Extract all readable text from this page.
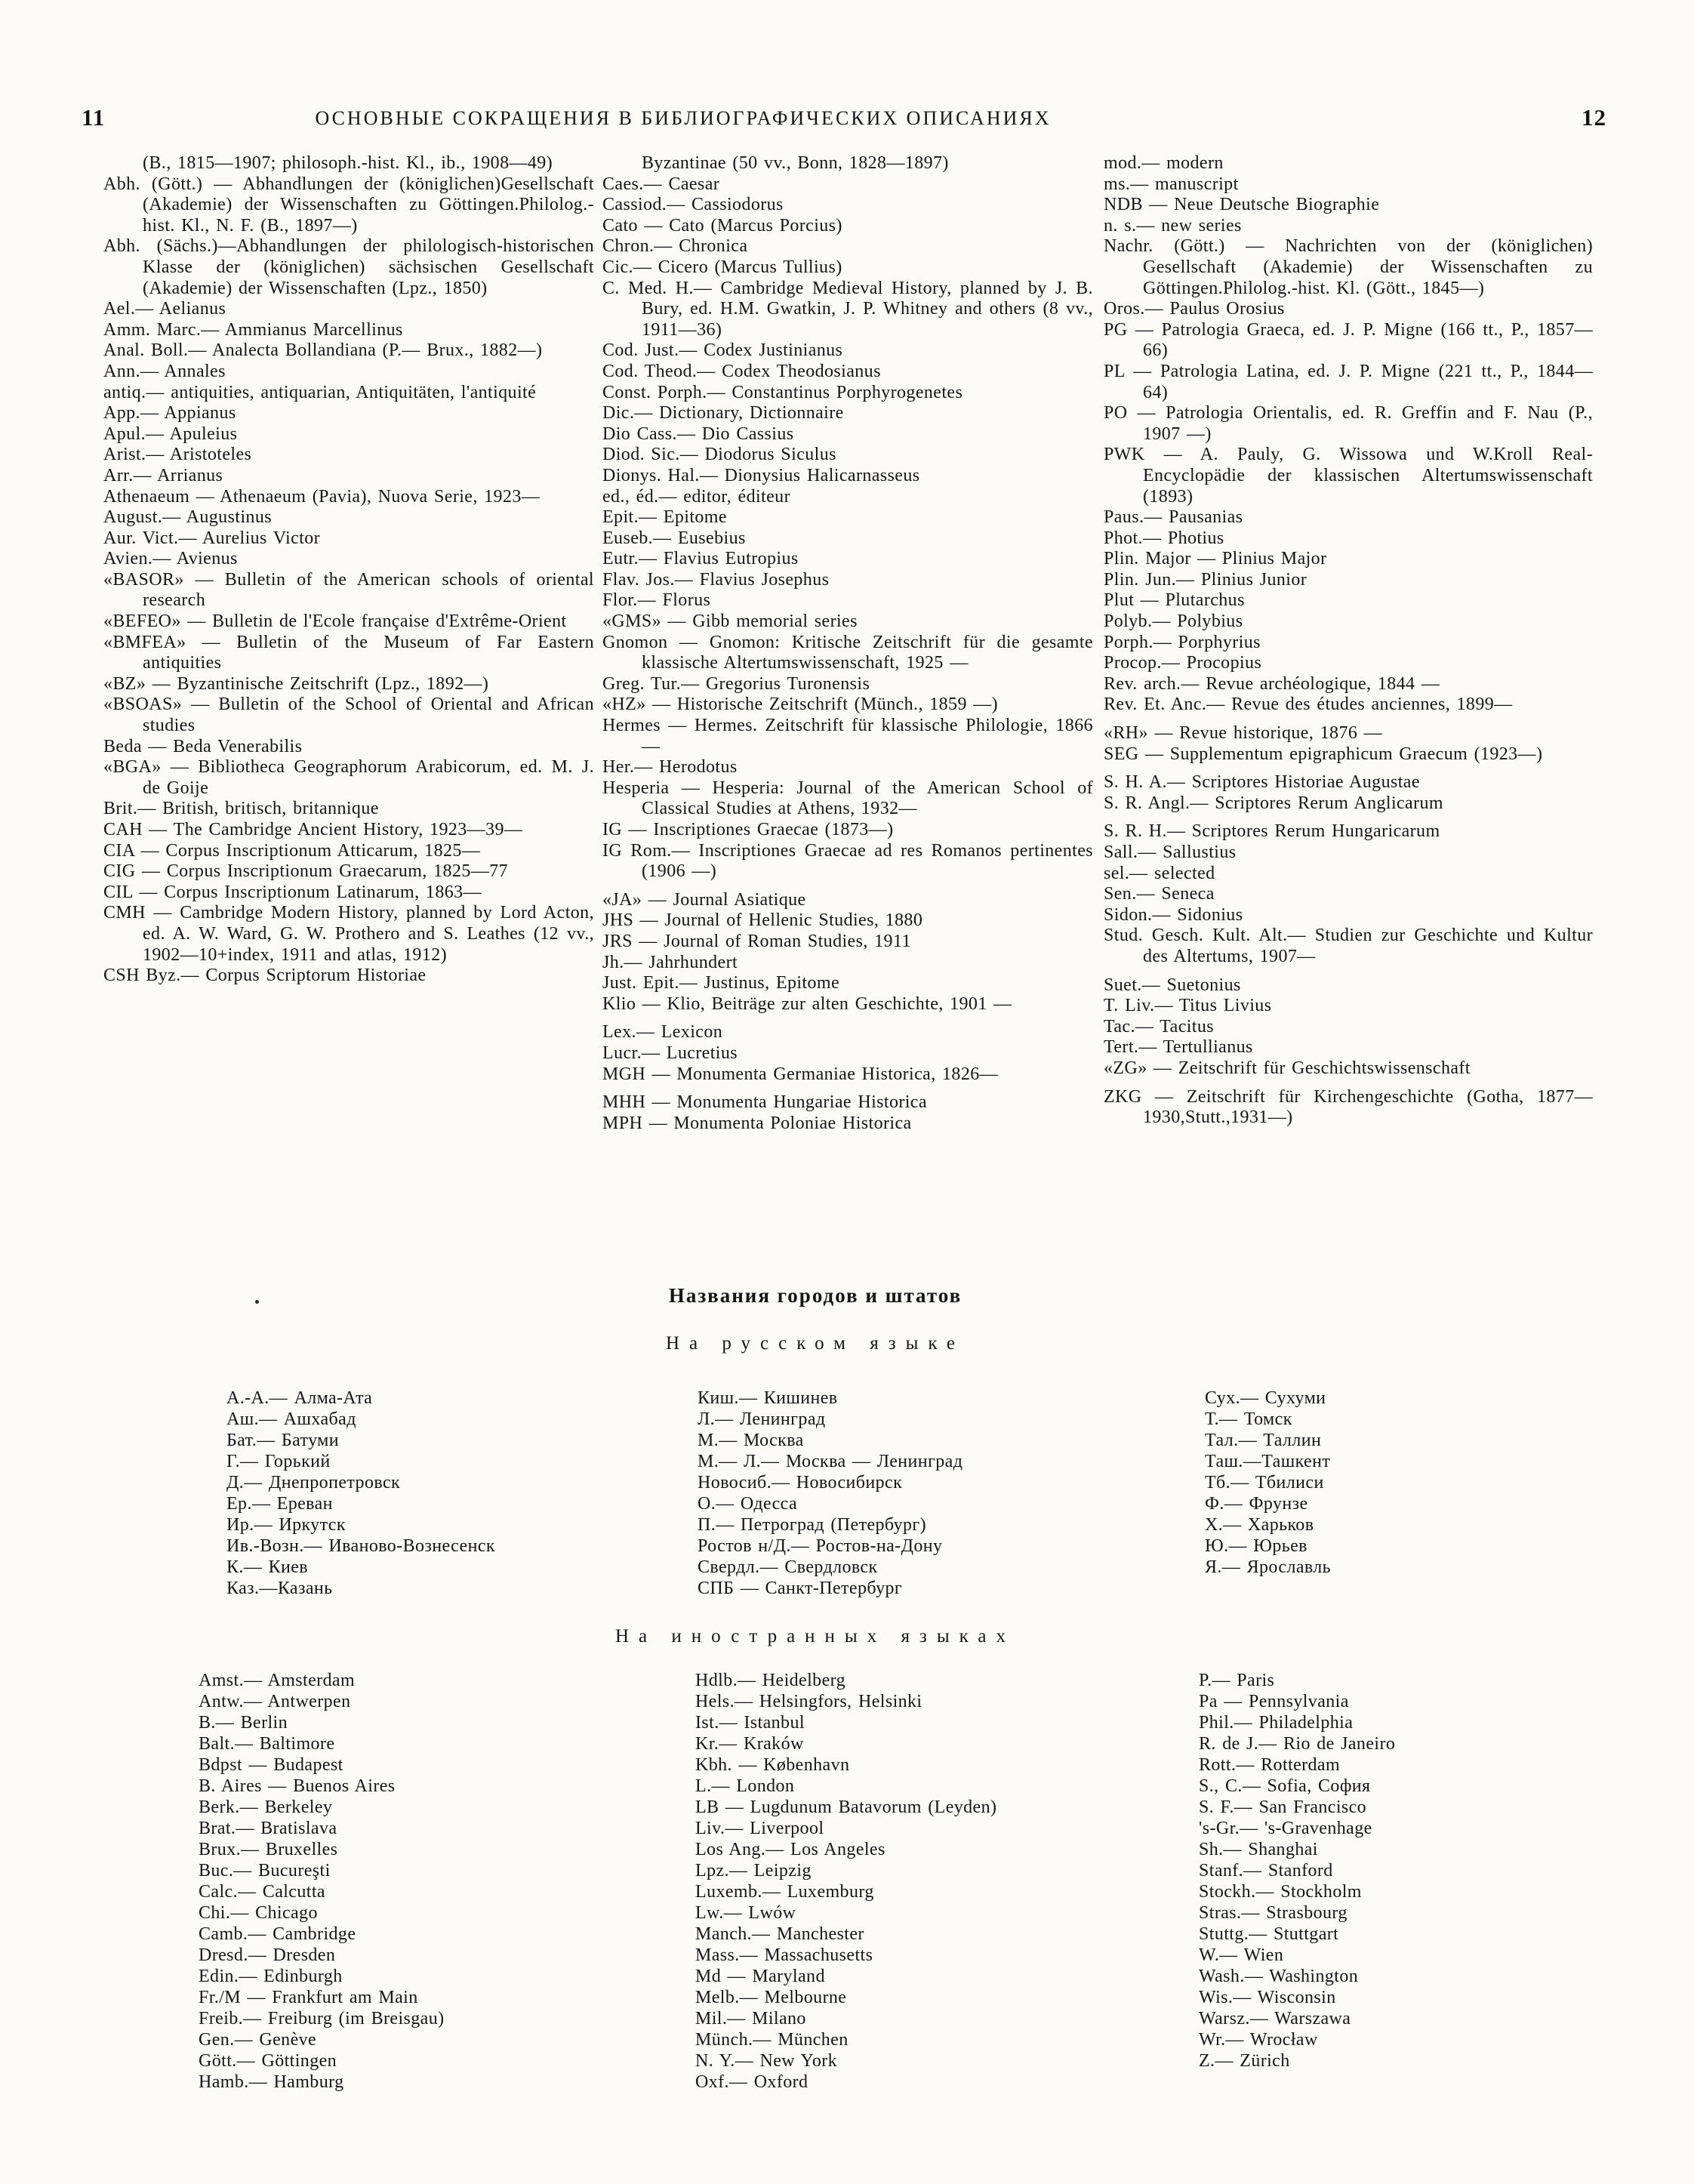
11	ОСНОВНЫЕ СОКРАЩЕНИЯ В БИБЛИОГРАФИЧЕСКИХ ОПИСАНИЯХ	12
(B., 1815—1907; philosoph.-hist. Kl., ib., 1908—49)
Abh. (Gött.) — Abhandlungen der (königlichen)Gesellschaft (Akademie) der Wissenschaften zu Göttingen.Philolog.-hist. Kl., N. F. (B., 1897—)
Abh. (Sächs.)—Abhandlungen der philologisch-historischen Klasse der (königlichen) sächsischen Gesellschaft (Akademie) der Wissenschaften (Lpz., 1850)
Ael.— Aelianus
Amm. Marc.— Ammianus Marcellinus
Anal. Boll.— Analecta Bollandiana (P.— Brux., 1882—)
Ann.— Annales
antiq.— antiquities, antiquarian, Antiquitäten, l'antiquité
App.— Appianus
Apul.— Apuleius
Arist.— Aristoteles
Arr.— Arrianus
Athenaeum — Athenaeum (Pavia), Nuova Serie, 1923—
August.— Augustinus
Aur. Vict.— Aurelius Victor
Avien.— Avienus
«BASOR» — Bulletin of the American schools of oriental research
«BEFEO» — Bulletin de l'Ecole française d'Extrême-Orient
«BMFEA» — Bulletin of the Museum of Far Eastern antiquities
«BZ» — Byzantinische Zeitschrift (Lpz., 1892—)
«BSOAS» — Bulletin of the School of Oriental and African studies
Beda — Beda Venerabilis
«BGA» — Bibliotheca Geographorum Arabicorum, ed. M. J. de Goije
Brit.— British, britisch, britannique
CAH — The Cambridge Ancient History, 1923—39—
CIA — Corpus Inscriptionum Atticarum, 1825—
CIG — Corpus Inscriptionum Graecarum, 1825—77
CIL — Corpus Inscriptionum Latinarum, 1863—
CMH — Cambridge Modern History, planned by Lord Acton, ed. A. W. Ward, G. W. Prothero and S. Leathes (12 vv., 1902—10+index, 1911 and atlas, 1912)
CSH Byz.— Corpus Scriptorum Historiae
Byzantinae (50 vv., Bonn, 1828—1897)
Caes.— Caesar
Cassiod.— Cassiodorus
Cato — Cato (Marcus Porcius)
Chron.— Chronica
Cic.— Cicero (Marcus Tullius)
C. Med. H.— Cambridge Medieval History, planned by J. B. Bury, ed. H.M. Gwatkin, J. P. Whitney and others (8 vv., 1911—36)
Cod. Just.— Codex Justinianus
Cod. Theod.— Codex Theodosianus
Const. Porph.— Constantinus Porphyrogenetes
Dic.— Dictionary, Dictionnaire
Dio Cass.— Dio Cassius
Diod. Sic.— Diodorus Siculus
Dionys. Hal.— Dionysius Halicarnasseus
ed., éd.— editor, éditeur
Epit.— Epitome
Euseb.— Eusebius
Eutr.— Flavius Eutropius
Flav. Jos.— Flavius Josephus
Flor.— Florus
«GMS» — Gibb memorial series
Gnomon — Gnomon: Kritische Zeitschrift für die gesamte klassische Altertumswissenschaft, 1925 —
Greg. Tur.— Gregorius Turonensis
«HZ» — Historische Zeitschrift (Münch., 1859 —)
Hermes — Hermes. Zeitschrift für klassische Philologie, 1866—
Her.— Herodotus
Hesperia — Hesperia: Journal of the American School of Classical Studies at Athens, 1932—
IG — Inscriptiones Graecae (1873—)
IG Rom.— Inscriptiones Graecae ad res Romanos pertinentes (1906 —)
«JA» — Journal Asiatique
JHS — Journal of Hellenic Studies, 1880
JRS — Journal of Roman Studies, 1911
Jh.— Jahrhundert
Just. Epit.— Justinus, Epitome
Klio — Klio, Beiträge zur alten Geschichte, 1901 —
Lex.— Lexicon
Lucr.— Lucretius
MGH — Monumenta Germaniae Historica, 1826—
MHH — Monumenta Hungariae Historica
MPH — Monumenta Poloniae Historica
mod.— modern
ms.— manuscript
NDB — Neue Deutsche Biographie
n. s.— new series
Nachr. (Gött.) — Nachrichten von der (königlichen) Gesellschaft (Akademie) der Wissenschaften zu Göttingen.Philolog.-hist. Kl. (Gött., 1845—)
Oros.— Paulus Orosius
PG — Patrologia Graeca, ed. J. P. Migne (166 tt., P., 1857—66)
PL — Patrologia Latina, ed. J. P. Migne (221 tt., P., 1844—64)
PO — Patrologia Orientalis, ed. R. Greffin and F. Nau (P., 1907 —)
PWK — A. Pauly, G. Wissowa und W.Kroll Real-Encyclopädie der klassischen Altertumswissenschaft (1893)
Paus.— Pausanias
Phot.— Photius
Plin. Major — Plinius Major
Plin. Jun.— Plinius Junior
Plut — Plutarchus
Polyb.— Polybius
Porph.— Porphyrius
Procop.— Procopius
Rev. arch.— Revue archéologique, 1844 —
Rev. Et. Anc.— Revue des études anciennes, 1899—
«RH» — Revue historique, 1876 —
SEG — Supplementum epigraphicum Graecum (1923—)
S. H. A.— Scriptores Historiae Augustae
S. R. Angl.— Scriptores Rerum Anglicarum
S. R. H.— Scriptores Rerum Hungaricarum
Sall.— Sallustius
sel.— selected
Sen.— Seneca
Sidon.— Sidonius
Stud. Gesch. Kult. Alt.— Studien zur Geschichte und Kultur des Altertums, 1907—
Suet.— Suetonius
T. Liv.— Titus Livius
Tac.— Tacitus
Tert.— Tertullianus
«ZG» — Zeitschrift für Geschichtswissenschaft
ZKG — Zeitschrift für Kirchengeschichte (Gotha, 1877—1930,Stutt.,1931—)
Названия городов и штатов
На русском языке
А.-А.— Алма-Ата
Аш.— Ашхабад
Бат.— Батуми
Г.— Горький
Д.— Днепропетровск
Ер.— Ереван
Ир.— Иркутск
Ив.-Возн.— Иваново-Вознесенск
К.— Киев
Каз.—Казань
Киш.— Кишинев
Л.— Ленинград
М.— Москва
М.— Л.— Москва — Ленинград
Новосиб.— Новосибирск
О.— Одесса
П.— Петроград (Петербург)
Ростов н/Д.— Ростов-на-Дону
Свердл.— Свердловск
СПБ — Санкт-Петербург
Сух.— Сухуми
Т.— Томск
Тал.— Таллин
Таш.—Ташкент
Тб.— Тбилиси
Ф.— Фрунзе
Х.— Харьков
Ю.— Юрьев
Я.— Ярославль
На иностранных языках
Amst.— Amsterdam
Antw.— Antwerpen
B.— Berlin
Balt.— Baltimore
Bdpst — Budapest
B. Aires — Buenos Aires
Berk.— Berkeley
Brat.— Bratislava
Brux.— Bruxelles
Buc.— Bucureşti
Calc.— Calcutta
Chi.— Chicago
Camb.— Cambridge
Dresd.— Dresden
Edin.— Edinburgh
Fr./M — Frankfurt am Main
Freib.— Freiburg (im Breisgau)
Gen.— Genève
Gött.— Göttingen
Hamb.— Hamburg
Hdlb.— Heidelberg
Hels.— Helsingfors, Helsinki
Ist.— Istanbul
Kr.— Kraków
Kbh. — København
L.— London
LB — Lugdunum Batavorum (Leyden)
Liv.— Liverpool
Los Ang.— Los Angeles
Lpz.— Leipzig
Luxemb.— Luxemburg
Lw.— Lwów
Manch.— Manchester
Mass.— Massachusetts
Md — Maryland
Melb.— Melbourne
Mil.— Milano
Münch.— München
N. Y.— New York
Oxf.— Oxford
P.— Paris
Pa — Pennsylvania
Phil.— Philadelphia
R. de J.— Rio de Janeiro
Rott.— Rotterdam
S., C.— Sofia, София
S. F.— San Francisco
's-Gr.— 's-Gravenhage
Sh.— Shanghai
Stanf.— Stanford
Stockh.— Stockholm
Stras.— Strasbourg
Stuttg.— Stuttgart
W.— Wien
Wash.— Washington
Wis.— Wisconsin
Warsz.— Warszawa
Wr.— Wrocław
Z.— Zürich
